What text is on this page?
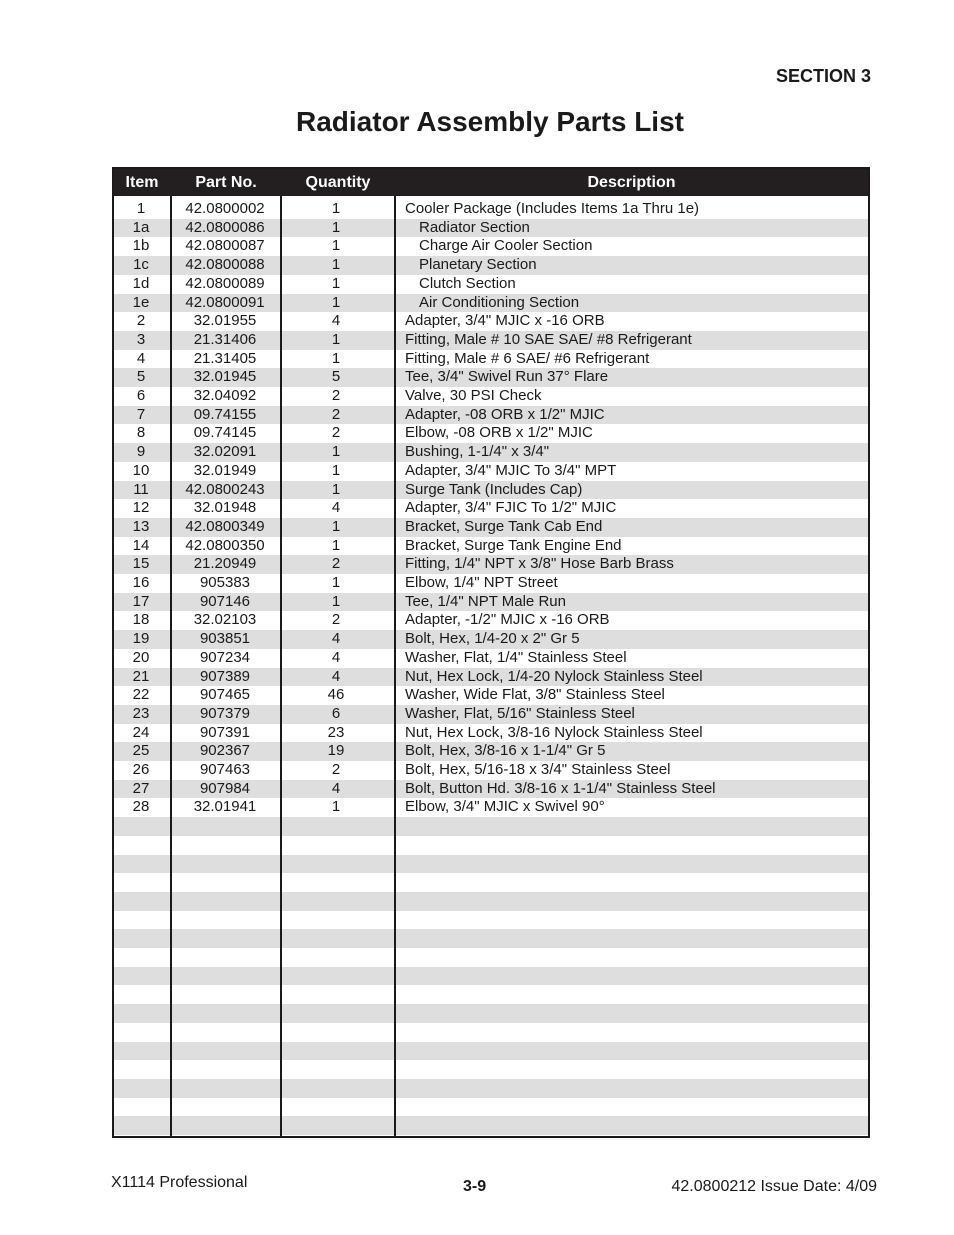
SECTION 3
Radiator Assembly Parts List
Item	Part No.	Quantity	Description
1	42.0800002	1	Cooler Package (Includes Items 1a Thru 1e)
1a	42.0800086	1	Radiator Section
1b	42.0800087	1	Charge Air Cooler Section
1c	42.0800088	1	Planetary Section
1d	42.0800089	1	Clutch Section
1e	42.0800091	1	Air Conditioning Section
2	32.01955	4	Adapter, 3/4" MJIC x -16 ORB
3	21.31406	1	Fitting, Male # 10 SAE SAE/ #8 Refrigerant
4	21.31405	1	Fitting, Male # 6 SAE/ #6 Refrigerant
5	32.01945	5	Tee, 3/4" Swivel Run 37° Flare
6	32.04092	2	Valve, 30 PSI Check
7	09.74155	2	Adapter, -08 ORB x 1/2" MJIC
8	09.74145	2	Elbow, -08 ORB x 1/2" MJIC
9	32.02091	1	Bushing, 1-1/4" x 3/4"
10	32.01949	1	Adapter, 3/4" MJIC To 3/4" MPT
11	42.0800243	1	Surge Tank (Includes Cap)
12	32.01948	4	Adapter, 3/4" FJIC To 1/2" MJIC
13	42.0800349	1	Bracket, Surge Tank Cab End
14	42.0800350	1	Bracket, Surge Tank Engine End
15	21.20949	2	Fitting, 1/4" NPT x 3/8" Hose Barb Brass
16	905383	1	Elbow, 1/4" NPT Street
17	907146	1	Tee, 1/4" NPT Male Run
18	32.02103	2	Adapter, -1/2" MJIC x -16 ORB
19	903851	4	Bolt, Hex, 1/4-20 x 2" Gr 5
20	907234	4	Washer, Flat, 1/4" Stainless Steel
21	907389	4	Nut, Hex Lock, 1/4-20 Nylock Stainless Steel
22	907465	46	Washer, Wide Flat, 3/8" Stainless Steel
23	907379	6	Washer, Flat, 5/16" Stainless Steel
24	907391	23	Nut, Hex Lock, 3/8-16 Nylock Stainless Steel
25	902367	19	Bolt, Hex, 3/8-16 x 1-1/4" Gr 5
26	907463	2	Bolt, Hex, 5/16-18 x 3/4" Stainless Steel
27	907984	4	Bolt, Button Hd. 3/8-16 x 1-1/4" Stainless Steel
28	32.01941	1	Elbow, 3/4" MJIC x Swivel 90°
X1114 Professional	3-9	42.0800212 Issue Date: 4/09
